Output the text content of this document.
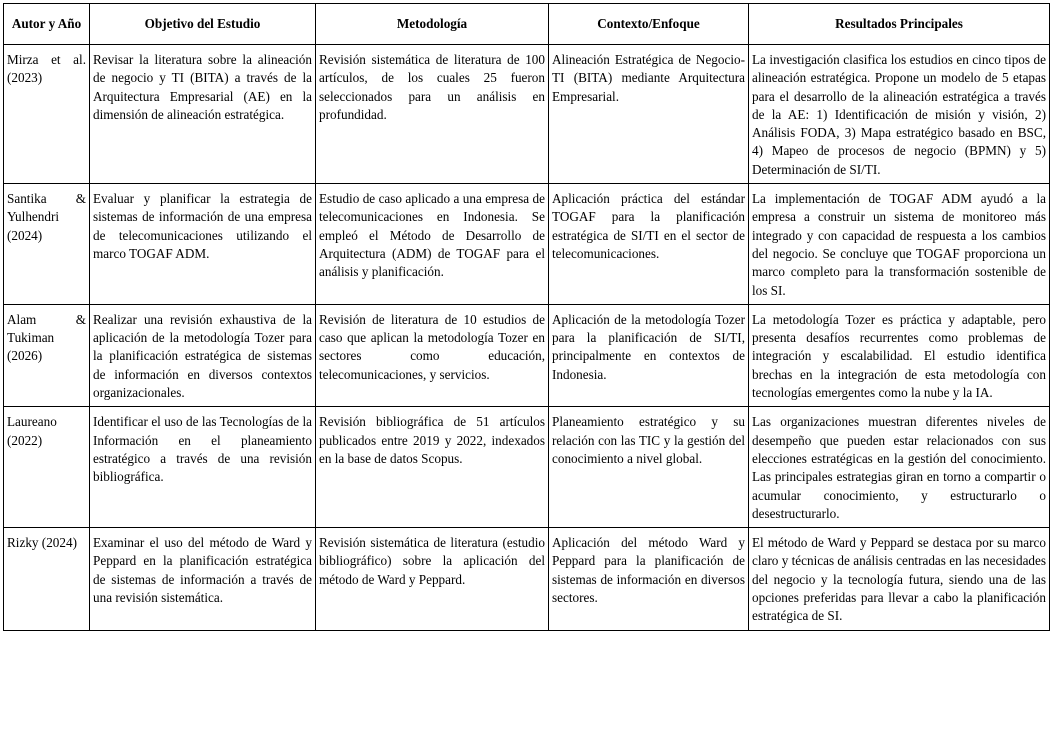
Autor y Año	Objetivo del Estudio	Metodología	Contexto/Enfoque	Resultados Principales
Mirza et al. (2023)	Revisar la literatura sobre la alineación de negocio y TI (BITA) a través de la Arquitectura Empresarial (AE) en la dimensión de alineación estratégica.	Revisión sistemática de literatura de 100 artículos, de los cuales 25 fueron seleccionados para un análisis en profundidad.	Alineación Estratégica de Negocio-TI (BITA) mediante Arquitectura Empresarial.	La investigación clasifica los estudios en cinco tipos de alineación estratégica. Propone un modelo de 5 etapas para el desarrollo de la alineación estratégica a través de la AE: 1) Identificación de misión y visión, 2) Análisis FODA, 3) Mapa estratégico basado en BSC, 4) Mapeo de procesos de negocio (BPMN) y 5) Determinación de SI/TI.
Santika & Yulhendri (2024)	Evaluar y planificar la estrategia de sistemas de información de una empresa de telecomunicaciones utilizando el marco TOGAF ADM.	Estudio de caso aplicado a una empresa de telecomunicaciones en Indonesia. Se empleó el Método de Desarrollo de Arquitectura (ADM) de TOGAF para el análisis y planificación.	Aplicación práctica del estándar TOGAF para la planificación estratégica de SI/TI en el sector de telecomunicaciones.	La implementación de TOGAF ADM ayudó a la empresa a construir un sistema de monitoreo más integrado y con capacidad de respuesta a los cambios del negocio. Se concluye que TOGAF proporciona un marco completo para la transformación sostenible de los SI.
Alam & Tukiman (2026)	Realizar una revisión exhaustiva de la aplicación de la metodología Tozer para la planificación estratégica de sistemas de información en diversos contextos organizacionales.	Revisión de literatura de 10 estudios de caso que aplican la metodología Tozer en sectores como educación, telecomunicaciones, y servicios.	Aplicación de la metodología Tozer para la planificación de SI/TI, principalmente en contextos de Indonesia.	La metodología Tozer es práctica y adaptable, pero presenta desafíos recurrentes como problemas de integración y escalabilidad. El estudio identifica brechas en la integración de esta metodología con tecnologías emergentes como la nube y la IA.
Laureano (2022)	Identificar el uso de las Tecnologías de la Información en el planeamiento estratégico a través de una revisión bibliográfica.	Revisión bibliográfica de 51 artículos publicados entre 2019 y 2022, indexados en la base de datos Scopus.	Planeamiento estratégico y su relación con las TIC y la gestión del conocimiento a nivel global.	Las organizaciones muestran diferentes niveles de desempeño que pueden estar relacionados con sus elecciones estratégicas en la gestión del conocimiento. Las principales estrategias giran en torno a compartir o acumular conocimiento, y estructurarlo o desestructurarlo.
Rizky (2024)	Examinar el uso del método de Ward y Peppard en la planificación estratégica de sistemas de información a través de una revisión sistemática.	Revisión sistemática de literatura (estudio bibliográfico) sobre la aplicación del método de Ward y Peppard.	Aplicación del método Ward y Peppard para la planificación de sistemas de información en diversos sectores.	El método de Ward y Peppard se destaca por su marco claro y técnicas de análisis centradas en las necesidades del negocio y la tecnología futura, siendo una de las opciones preferidas para llevar a cabo la planificación estratégica de SI.
